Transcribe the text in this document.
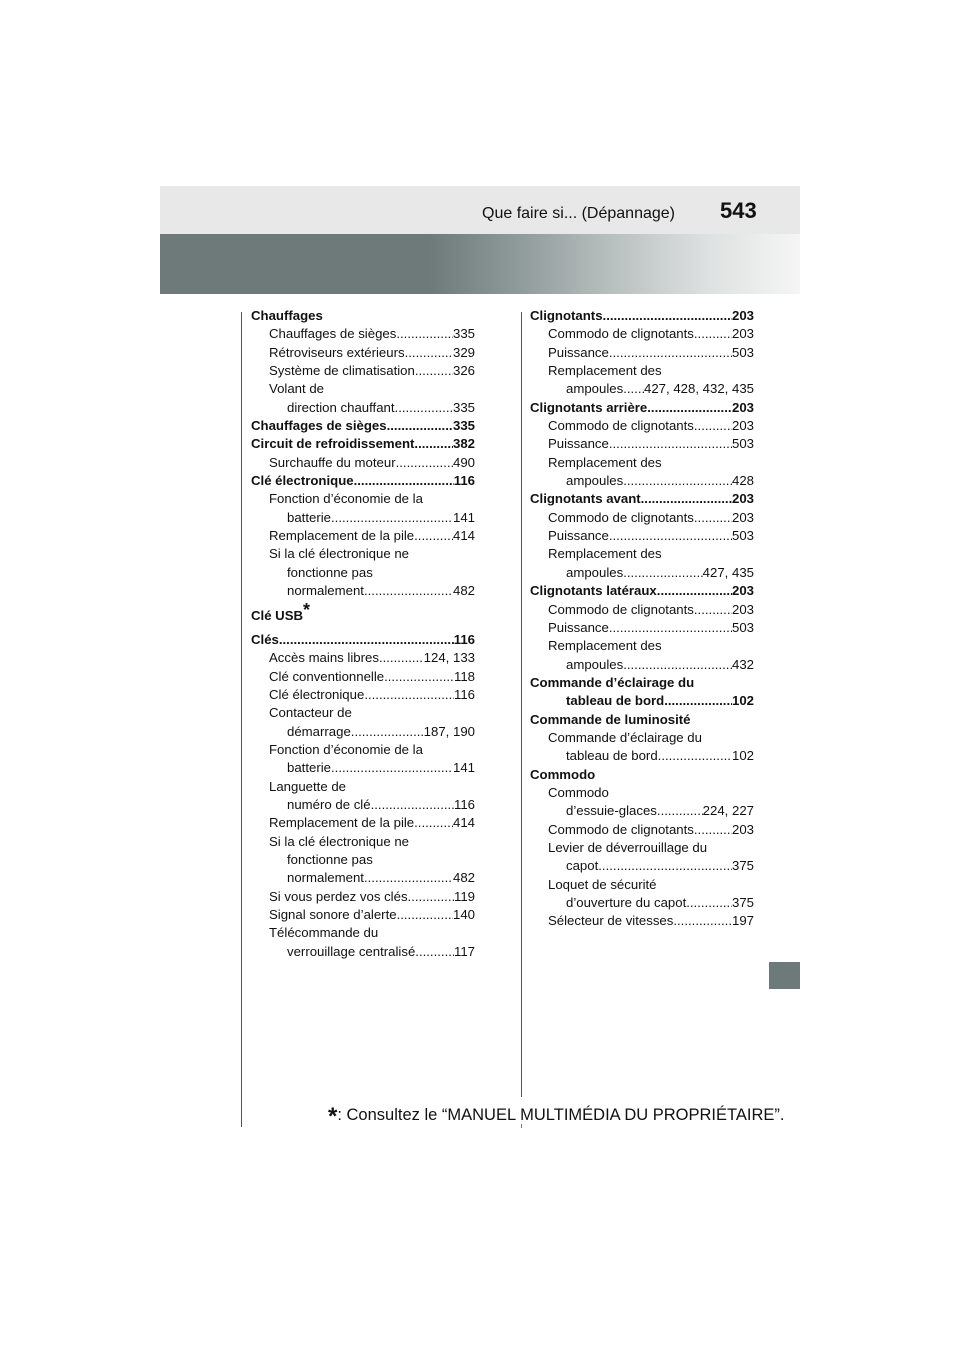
Que faire si... (Dépannage) 543
Chauffages
Chauffages de sièges .....	335
Rétroviseurs extérieurs .....	329
Système de climatisation .....	326
Volant de
direction chauffant .....	335
Chauffages de sièges .....	335
Circuit de refroidissement .....	382
Surchauffe du moteur .....	490
Clé électronique .....	116
Fonction d’économie de la
batterie .....	141
Remplacement de la pile .....	414
Si la clé électronique ne
fonctionne pas
normalement .....	482
Clé USB*
Clés .....	116
Accès mains libres .....	124, 133
Clé conventionnelle .....	118
Clé électronique .....	116
Contacteur de
démarrage .....	187, 190
Fonction d’économie de la
batterie .....	141
Languette de
numéro de clé .....	116
Remplacement de la pile .....	414
Si la clé électronique ne
fonctionne pas
normalement .....	482
Si vous perdez vos clés .....	119
Signal sonore d’alerte .....	140
Télécommande du
verrouillage centralisé .....	117
Clignotants .....	203
Commodo de clignotants .....	203
Puissance .....	503
Remplacement des
ampoules ..... 427, 428, 432, 435
Clignotants arrière .....	203
Commodo de clignotants .....	203
Puissance .....	503
Remplacement des
ampoules .....	428
Clignotants avant .....	203
Commodo de clignotants .....	203
Puissance .....	503
Remplacement des
ampoules .....	427, 435
Clignotants latéraux .....	203
Commodo de clignotants .....	203
Puissance .....	503
Remplacement des
ampoules .....	432
Commande d’éclairage du
tableau de bord .....	102
Commande de luminosité
Commande d’éclairage du
tableau de bord .....	102
Commodo
Commodo
d’essuie-glaces .....	224, 227
Commodo de clignotants .....	203
Levier de déverrouillage du
capot .....	375
Loquet de sécurité
d’ouverture du capot .....	375
Sélecteur de vitesses .....	197
*: Consultez le “MANUEL MULTIMÉDIA DU PROPRIÉTAIRE”.
